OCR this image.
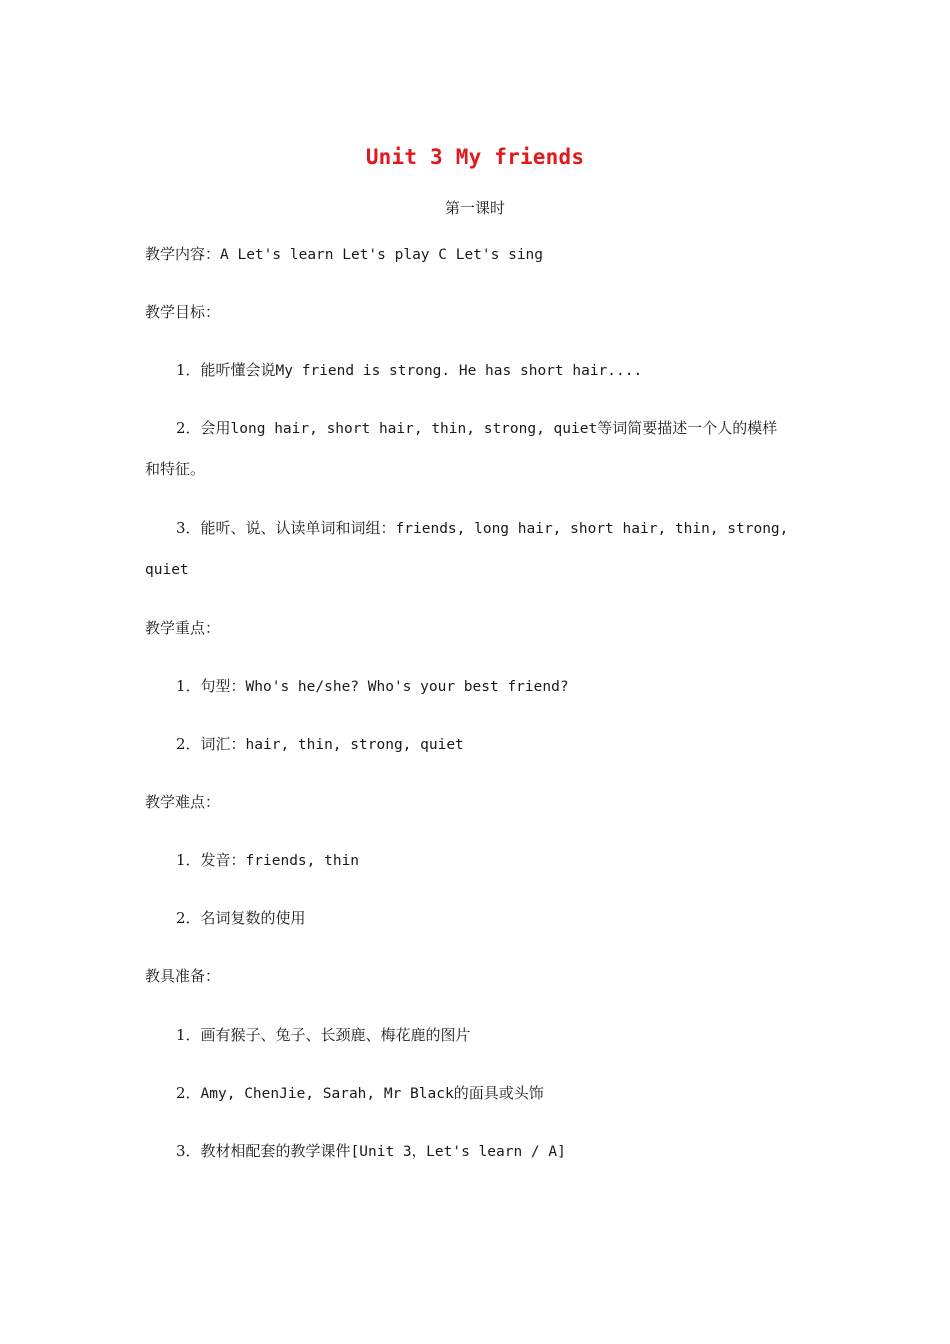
Unit 3 My friends
第一课时
教学内容：A Let's learn Let's play C Let's sing
教学目标：
1．能听懂会说My friend is strong. He has short hair....
2．会用long hair, short hair, thin, strong, quiet等词简要描述一个人的模样
和特征。
3．能听、说、认读单词和词组：friends, long hair, short hair, thin, strong,
quiet
教学重点：
1．句型：Who's he/she? Who's your best friend?
2．词汇：hair, thin, strong, quiet
教学难点：
1．发音：friends, thin
2．名词复数的使用
教具准备：
1．画有猴子、兔子、长颈鹿、梅花鹿的图片
2．Amy, ChenJie, Sarah, Mr Black的面具或头饰
3．教材相配套的教学课件[Unit 3，Let's learn / A]
